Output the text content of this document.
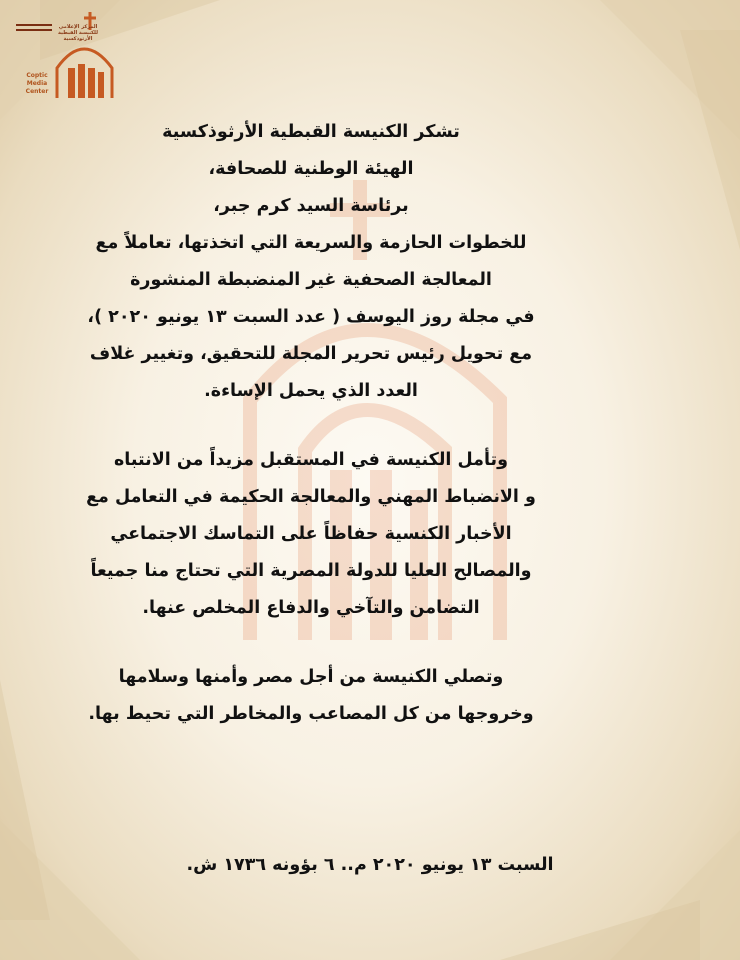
Coptic
Media
Center
المركز الإعلامي للكنيسة القبطية الأرثوذكسية
تشكر الكنيسة القبطية الأرثوذكسية
الهيئة الوطنية للصحافة،
برئاسة السيد كرم جبر،
للخطوات الحازمة والسريعة التي اتخذتها، تعاملاً مع
المعالجة الصحفية غير المنضبطة المنشورة
في مجلة روز اليوسف ( عدد السبت ١٣ يونيو ٢٠٢٠ )،
مع تحويل رئيس تحرير المجلة للتحقيق، وتغيير غلاف
العدد الذي يحمل الإساءة.
وتأمل الكنيسة في المستقبل مزيداً من الانتباه
و الانضباط المهني والمعالجة الحكيمة في التعامل مع
الأخبار الكنسية حفاظاً على التماسك الاجتماعي
والمصالح العليا للدولة المصرية التي تحتاج منا جميعاً
التضامن والتآخي والدفاع المخلص عنها.
وتصلي الكنيسة من أجل مصر وأمنها وسلامها
وخروجها من كل المصاعب والمخاطر التي تحيط بها.
السبت ١٣ يونيو ٢٠٢٠ م.. ٦ بؤونه ١٧٣٦ ش.
